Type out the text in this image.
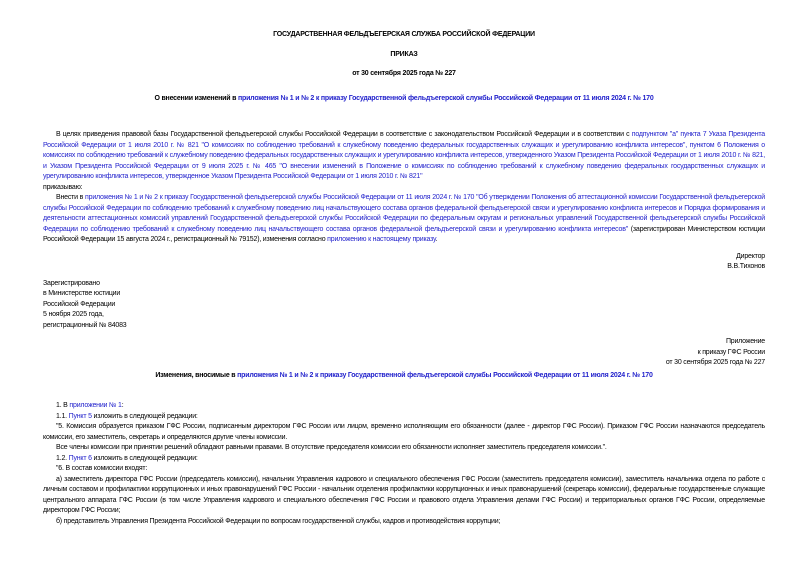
ГОСУДАРСТВЕННАЯ ФЕЛЬДЪЕГЕРСКАЯ СЛУЖБА РОССИЙСКОЙ ФЕДЕРАЦИИ
ПРИКАЗ
от 30 сентября 2025 года № 227
О внесении изменений в приложения № 1 и № 2 к приказу Государственной фельдъегерской службы Российской Федерации от 11 июля 2024 г. № 170
В целях приведения правовой базы Государственной фельдъегерской службы Российской Федерации в соответствие с законодательством Российской Федерации и в соответствии с подпунктом "а" пункта 7 Указа Президента Российской Федерации от 1 июля 2010 г. № 821 "О комиссиях по соблюдению требований к служебному поведению федеральных государственных служащих и урегулированию конфликта интересов", пунктом 6 Положения о комиссиях по соблюдению требований к служебному поведению федеральных государственных служащих и урегулированию конфликта интересов, утвержденного Указом Президента Российской Федерации от 1 июля 2010 г. № 821, и Указом Президента Российской Федерации от 9 июля 2025 г. № 465 "О внесении изменений в Положение о комиссиях по соблюдению требований к служебному поведению федеральных государственных служащих и урегулированию конфликта интересов, утвержденное Указом Президента Российской Федерации от 1 июля 2010 г. № 821"
приказываю:
Внести в приложения № 1 и № 2 к приказу Государственной фельдъегерской службы Российской Федерации от 11 июля 2024 г. № 170 "Об утверждении Положения об аттестационной комиссии Государственной фельдъегерской службы Российской Федерации по соблюдению требований к служебному поведению лиц начальствующего состава органов федеральной фельдъегерской связи и урегулированию конфликта интересов и Порядка формирования и деятельности аттестационных комиссий управлений Государственной фельдъегерской службы Российской Федерации по федеральным округам и региональных управлений Государственной фельдъегерской службы Российской Федерации по соблюдению требований к служебному поведению лиц начальствующего состава органов федеральной фельдъегерской связи и урегулированию конфликта интересов" (зарегистрирован Министерством юстиции Российской Федерации 15 августа 2024 г., регистрационный № 79152), изменения согласно приложению к настоящему приказу.
Директор
В.В.Тихонов
Зарегистрировано
в Министерстве юстиции
Российской Федерации
5 ноября 2025 года,
регистрационный № 84083
Приложение
к приказу ГФС России
от 30 сентября 2025 года № 227
Изменения, вносимые в приложения № 1 и № 2 к приказу Государственной фельдъегерской службы Российской Федерации от 11 июля 2024 г. № 170
1. В приложении № 1:
1.1. Пункт 5 изложить в следующей редакции:
"5. Комиссия образуется приказом ГФС России, подписанным директором ГФС России или лицом, временно исполняющим его обязанности (далее - директор ГФС России). Приказом ГФС России назначаются председатель комиссии, его заместитель, секретарь и определяются другие члены комиссии.
Все члены комиссии при принятии решений обладают равными правами. В отсутствие председателя комиссии его обязанности исполняет заместитель председателя комиссии.".
1.2. Пункт 6 изложить в следующей редакции:
"6. В состав комиссии входят:
а) заместитель директора ГФС России (председатель комиссии), начальник Управления кадрового и специального обеспечения ГФС России (заместитель председателя комиссии), заместитель начальника отдела по работе с личным составом и профилактики коррупционных и иных правонарушений ГФС России - начальник отделения профилактики коррупционных и иных правонарушений (секретарь комиссии), федеральные государственные служащие центрального аппарата ГФС России (в том числе Управления кадрового и специального обеспечения ГФС России и правового отдела Управления делами ГФС России) и территориальных органов ГФС России, определяемые директором ГФС России;
б) представитель Управления Президента Российской Федерации по вопросам государственной службы, кадров и противодействия коррупции;
